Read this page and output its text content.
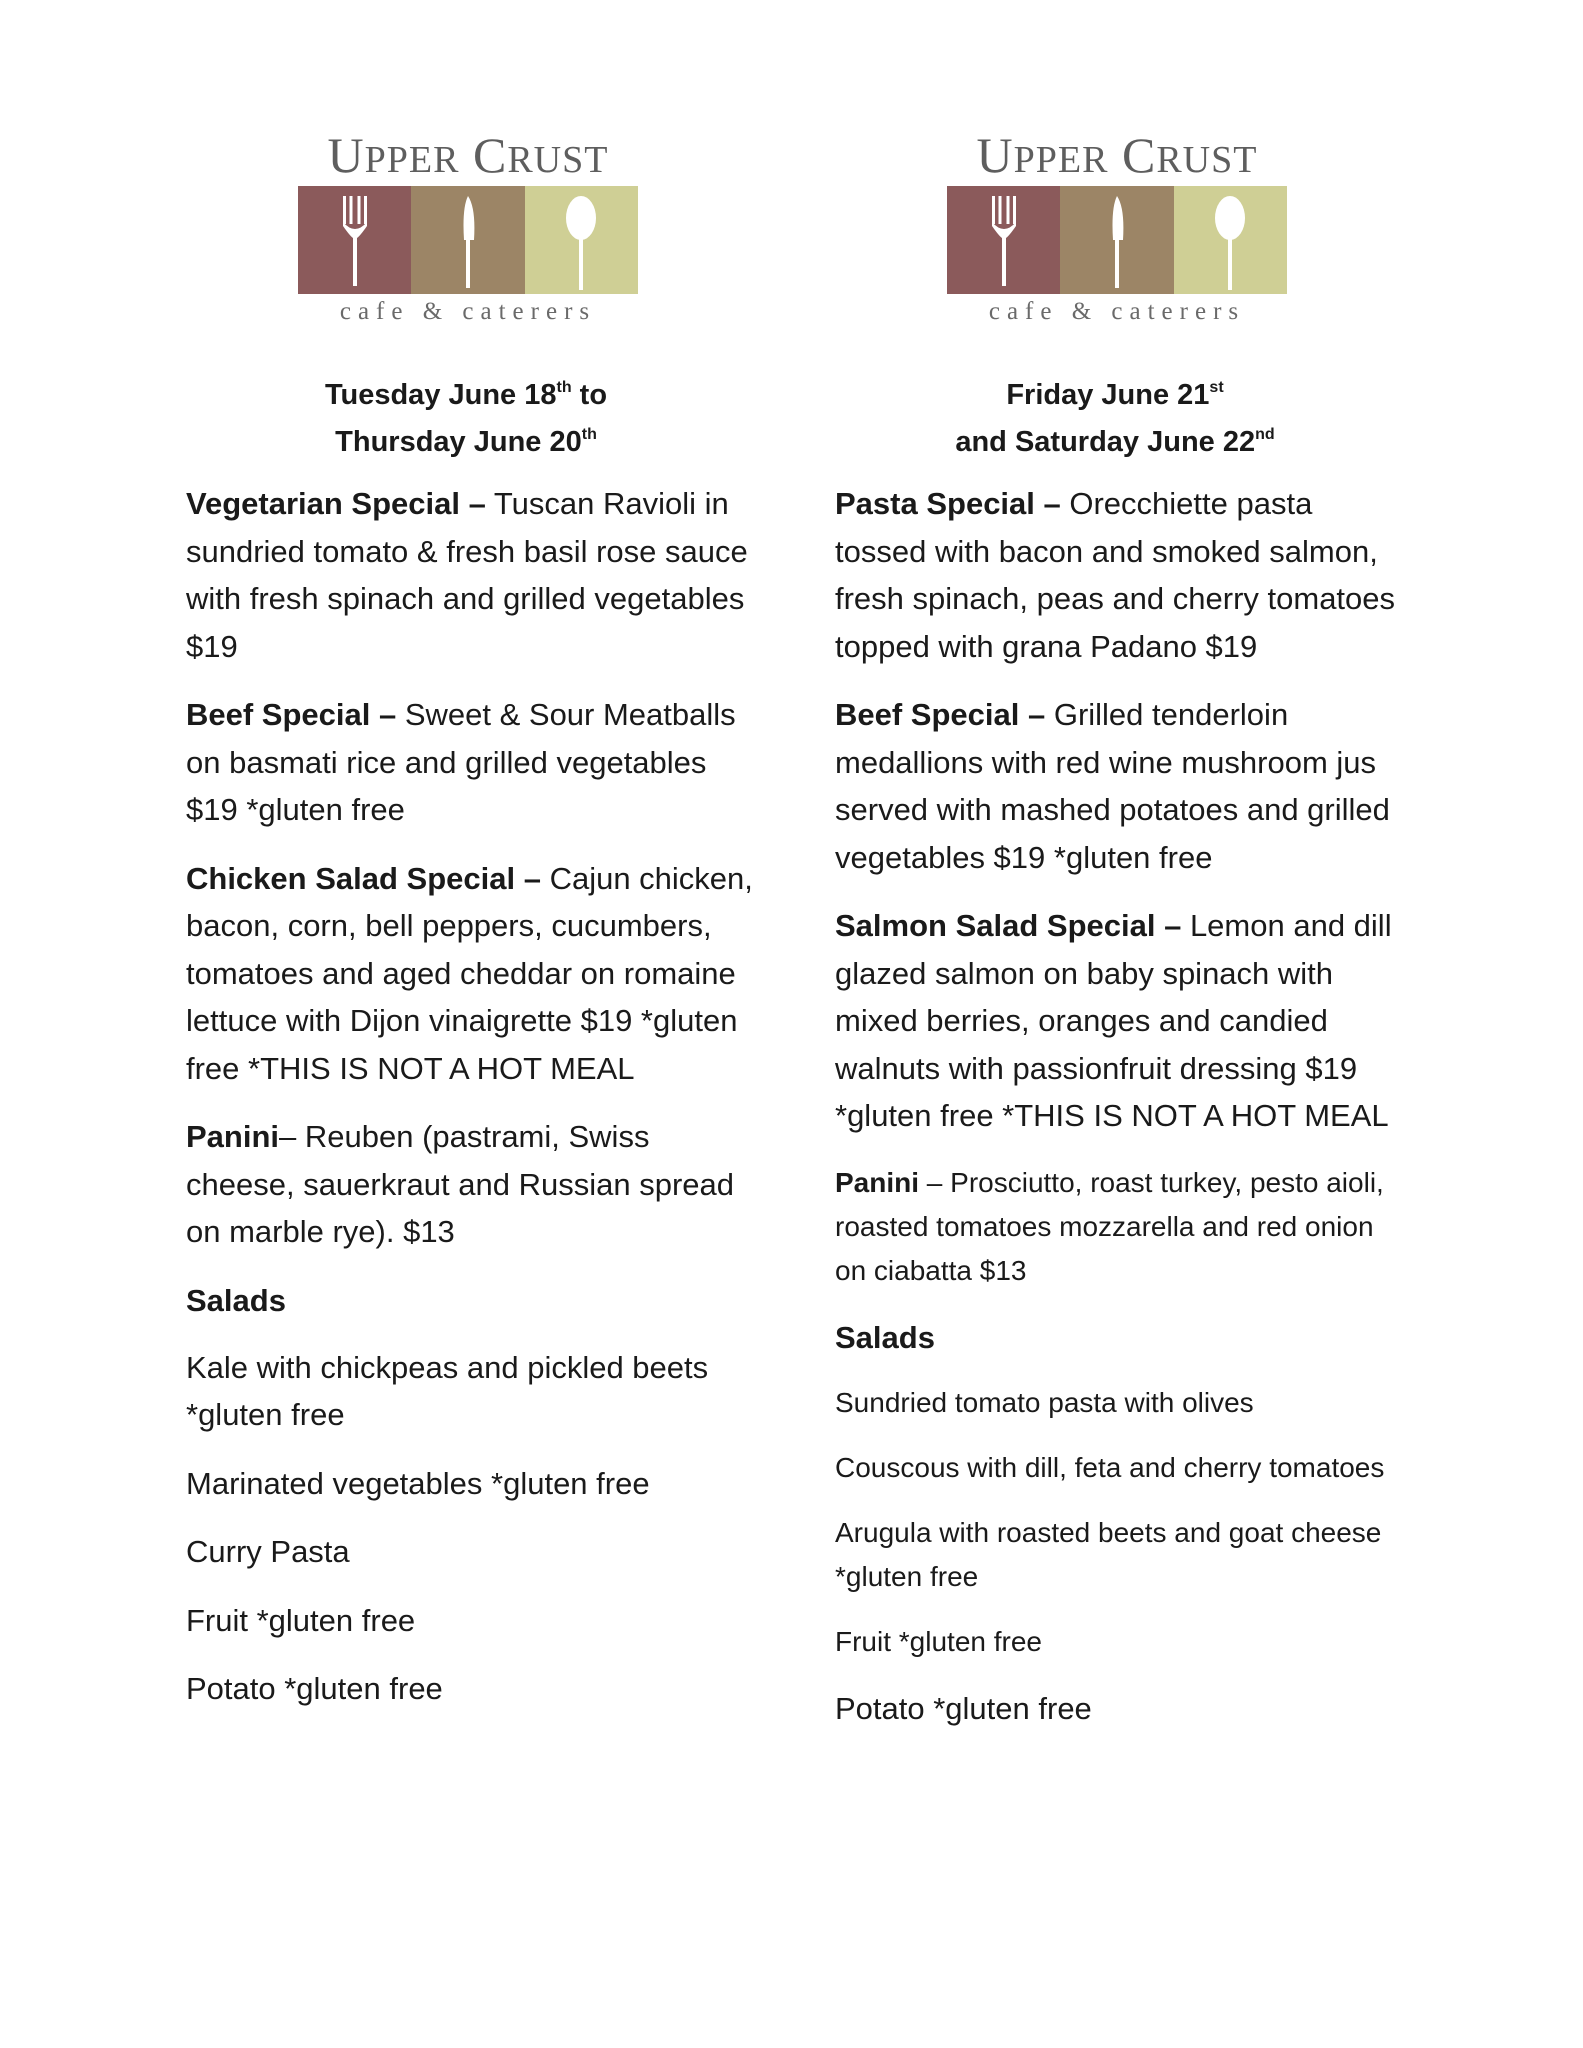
UPPER CRUST
cafe & caterers
Tuesday June 18th to
Thursday June 20th

Vegetarian Special – Tuscan Ravioli in sundried tomato & fresh basil rose sauce with fresh spinach and grilled vegetables $19

Beef Special – Sweet & Sour Meatballs on basmati rice and grilled vegetables $19 *gluten free

Chicken Salad Special – Cajun chicken, bacon, corn, bell peppers, cucumbers, tomatoes and aged cheddar on romaine lettuce with Dijon vinaigrette $19 *gluten free *THIS IS NOT A HOT MEAL

Panini– Reuben (pastrami, Swiss cheese, sauerkraut and Russian spread on marble rye). $13

Salads

Kale with chickpeas and pickled beets *gluten free

Marinated vegetables *gluten free

Curry Pasta

Fruit *gluten free

Potato *gluten free

UPPER CRUST
cafe & caterers
Friday June 21st
and Saturday June 22nd

Pasta Special – Orecchiette pasta tossed with bacon and smoked salmon, fresh spinach, peas and cherry tomatoes topped with grana Padano $19

Beef Special – Grilled tenderloin medallions with red wine mushroom jus served with mashed potatoes and grilled vegetables $19 *gluten free

Salmon Salad Special – Lemon and dill glazed salmon on baby spinach with mixed berries, oranges and candied walnuts with passionfruit dressing $19 *gluten free *THIS IS NOT A HOT MEAL

Panini – Prosciutto, roast turkey, pesto aioli, roasted tomatoes mozzarella and red onion on ciabatta $13

Salads

Sundried tomato pasta with olives

Couscous with dill, feta and cherry tomatoes

Arugula with roasted beets and goat cheese *gluten free

Fruit *gluten free

Potato *gluten free
